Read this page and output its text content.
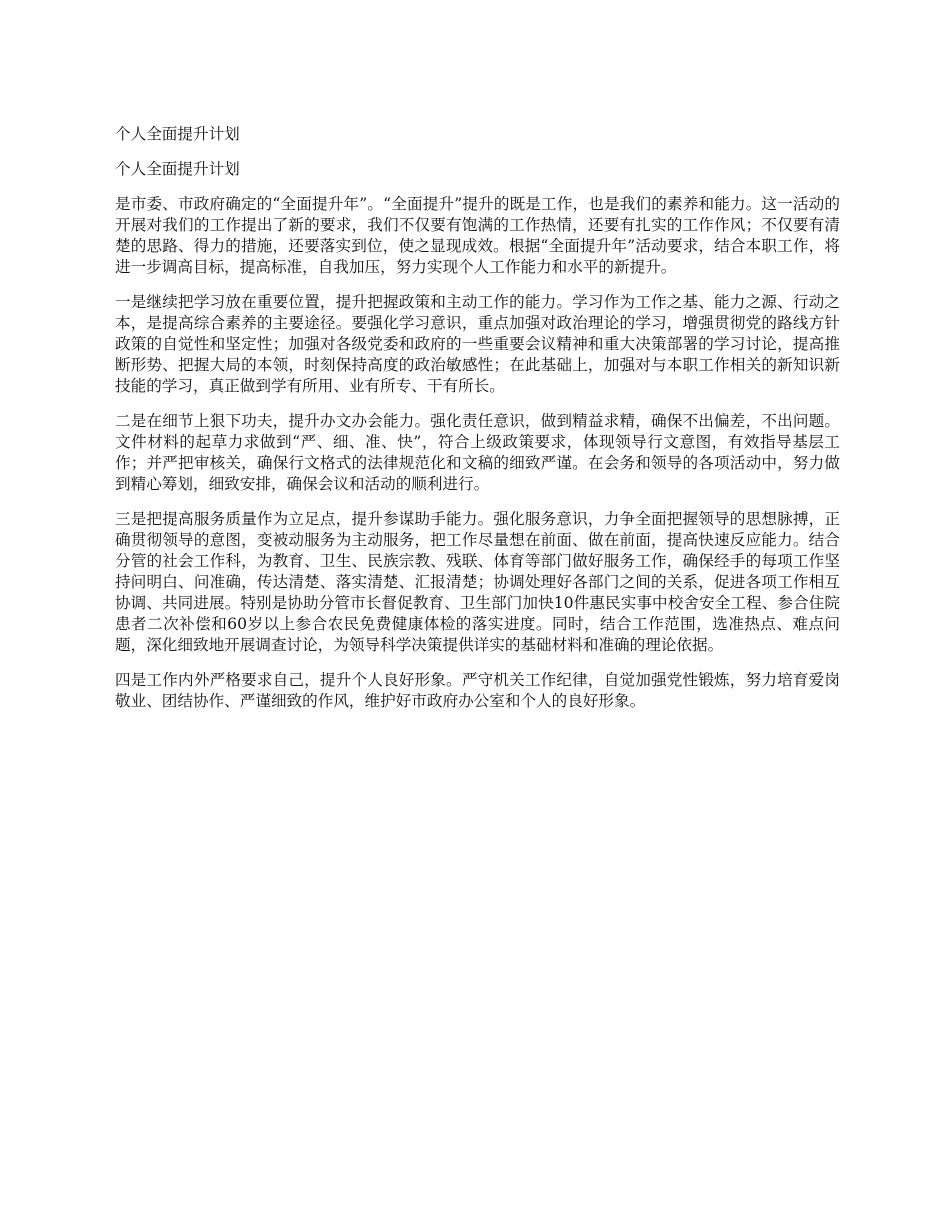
个人全面提升计划

个人全面提升计划

是市委、市政府确定的“全面提升年”。“全面提升”提升的既是工作，也是我们的素养和能力。这一活动的开展对我们的工作提出了新的要求，我们不仅要有饱满的工作热情，还要有扎实的工作作风；不仅要有清楚的思路、得力的措施，还要落实到位，使之显现成效。根据“全面提升年”活动要求，结合本职工作，将进一步调高目标，提高标准，自我加压，努力实现个人工作能力和水平的新提升。

一是继续把学习放在重要位置，提升把握政策和主动工作的能力。学习作为工作之基、能力之源、行动之本，是提高综合素养的主要途径。要强化学习意识，重点加强对政治理论的学习，增强贯彻党的路线方针政策的自觉性和坚定性；加强对各级党委和政府的一些重要会议精神和重大决策部署的学习讨论，提高推断形势、把握大局的本领，时刻保持高度的政治敏感性；在此基础上，加强对与本职工作相关的新知识新技能的学习，真正做到学有所用、业有所专、干有所长。

二是在细节上狠下功夫，提升办文办会能力。强化责任意识，做到精益求精，确保不出偏差，不出问题。文件材料的起草力求做到“严、细、准、快”，符合上级政策要求，体现领导行文意图，有效指导基层工作；并严把审核关，确保行文格式的法律规范化和文稿的细致严谨。在会务和领导的各项活动中，努力做到精心筹划，细致安排，确保会议和活动的顺利进行。

三是把提高服务质量作为立足点，提升参谋助手能力。强化服务意识，力争全面把握领导的思想脉搏，正确贯彻领导的意图，变被动服务为主动服务，把工作尽量想在前面、做在前面，提高快速反应能力。结合分管的社会工作科，为教育、卫生、民族宗教、残联、体育等部门做好服务工作，确保经手的每项工作坚持问明白、问准确，传达清楚、落实清楚、汇报清楚；协调处理好各部门之间的关系，促进各项工作相互协调、共同进展。特别是协助分管市长督促教育、卫生部门加快10件惠民实事中校舍安全工程、参合住院患者二次补偿和60岁以上参合农民免费健康体检的落实进度。同时，结合工作范围，选准热点、难点问题，深化细致地开展调查讨论，为领导科学决策提供详实的基础材料和准确的理论依据。

四是工作内外严格要求自己，提升个人良好形象。严守机关工作纪律，自觉加强党性锻炼，努力培育爱岗敬业、团结协作、严谨细致的作风，维护好市政府办公室和个人的良好形象。
